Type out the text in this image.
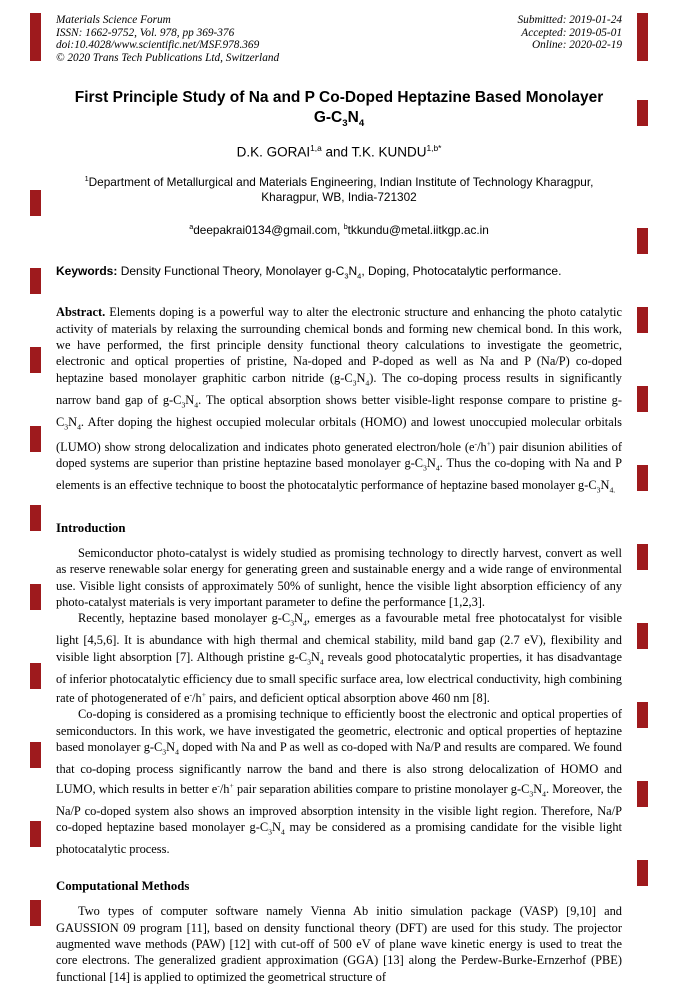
Materials Science Forum
ISSN: 1662-9752, Vol. 978, pp 369-376
doi:10.4028/www.scientific.net/MSF.978.369
© 2020 Trans Tech Publications Ltd, Switzerland
Submitted: 2019-01-24
Accepted: 2019-05-01
Online: 2020-02-19
First Principle Study of Na and P Co-Doped Heptazine Based Monolayer
$G-C_3N_4$
D.K. GORAI$^{1,a}$ and T.K. $KUNDU^{1,b*}$
$^1$Department of Metallurgical and Materials Engineering, Indian Institute of Technology Kharagpur, Kharagpur, WB, India-721302
$^a$deepakrai0134@gmail.com, $^b$tkkundu@metal.iitkgp.ac.in

Keywords: Density Functional Theory, Monolayer $g-C_3N_4$, Doping, Photocatalytic performance.

Abstract. Elements doping is a powerful way to alter the electronic structure and enhancing the photo catalytic activity of materials by relaxing the surrounding chemical bonds and forming new chemical bond. In this work, we have performed, the first principle density functional theory calculations to investigate the geometric, electronic and optical properties of pristine, Na-doped and P-doped as well as Na and P (Na/P) co-doped heptazine based monolayer graphitic carbon nitride $(g-C_3N_4)$. The co-doping process results in significantly narrow band gap of $g-C_3N_4$. The optical absorption shows better visible-light response compare to pristine $g-C_3N_4$. After doping the highest occupied molecular orbitals (HOMO) and lowest unoccupied molecular orbitals (LUMO) show strong delocalization and indicates photo generated electron/hole (e-/h+) pair disunion abilities of doped systems are superior than pristine heptazine based monolayer $g-C_3N_4$. Thus the co-doping with Na and P elements is an effective technique to boost the photocatalytic performance of heptazine based monolayer $g-C_3N_{4.}$

Introduction

Semiconductor photo-catalyst is widely studied as promising technology to directly harvest, convert as well as reserve renewable solar energy for generating green and sustainable energy and a wide range of environmental use. Visible light consists of approximately 50% of sunlight, hence the visible light absorption efficiency of any photo-catalyst materials is very important parameter to define the performance [1,2,3].

Recently, heptazine based monolayer $g-C_3N_4$, emerges as a favourable metal free photocatalyst for visible light [4,5,6]. It is abundance with high thermal and chemical stability, mild band gap (2.7 eV), flexibility and visible light absorption [7]. Although pristine $g-C_3N_4$ reveals good photocatalytic properties, it has disadvantage of inferior photocatalytic efficiency due to small specific surface area, low electrical conductivity, high combining rate of photogenerated of e-/h+ pairs, and deficient optical absorption above 460 nm [8].

Co-doping is considered as a promising technique to efficiently boost the electronic and optical properties of semiconductors. In this work, we have investigated the geometric, electronic and optical properties of heptazine based monolayer $g-C_3N_4$ doped with Na and P as well as co-doped with Na/P and results are compared. We found that co-doping process significantly narrow the band and there is also strong delocalization of HOMO and LUMO, which results in better e-/h+ pair separation abilities compare to pristine monolayer $g-C_3N_4$. Moreover, the Na/P co-doped system also shows an improved absorption intensity in the visible light region. Therefore, Na/P co-doped heptazine based monolayer $g-C_3N_4$ may be considered as a promising candidate for the visible light photocatalytic process.

Computational Methods

Two types of computer software namely Vienna Ab initio simulation package (VASP) [9,10] and GAUSSION 09 program [11], based on density functional theory (DFT) are used for this study. The projector augmented wave methods (PAW) [12] with cut-off of 500 eV of plane wave kinetic energy is used to treat the core electrons. The generalized gradient approximation (GGA) [13] along the Perdew-Burke-Ernzerhof (PBE) functional [14] is applied to optimized the geometrical structure of
